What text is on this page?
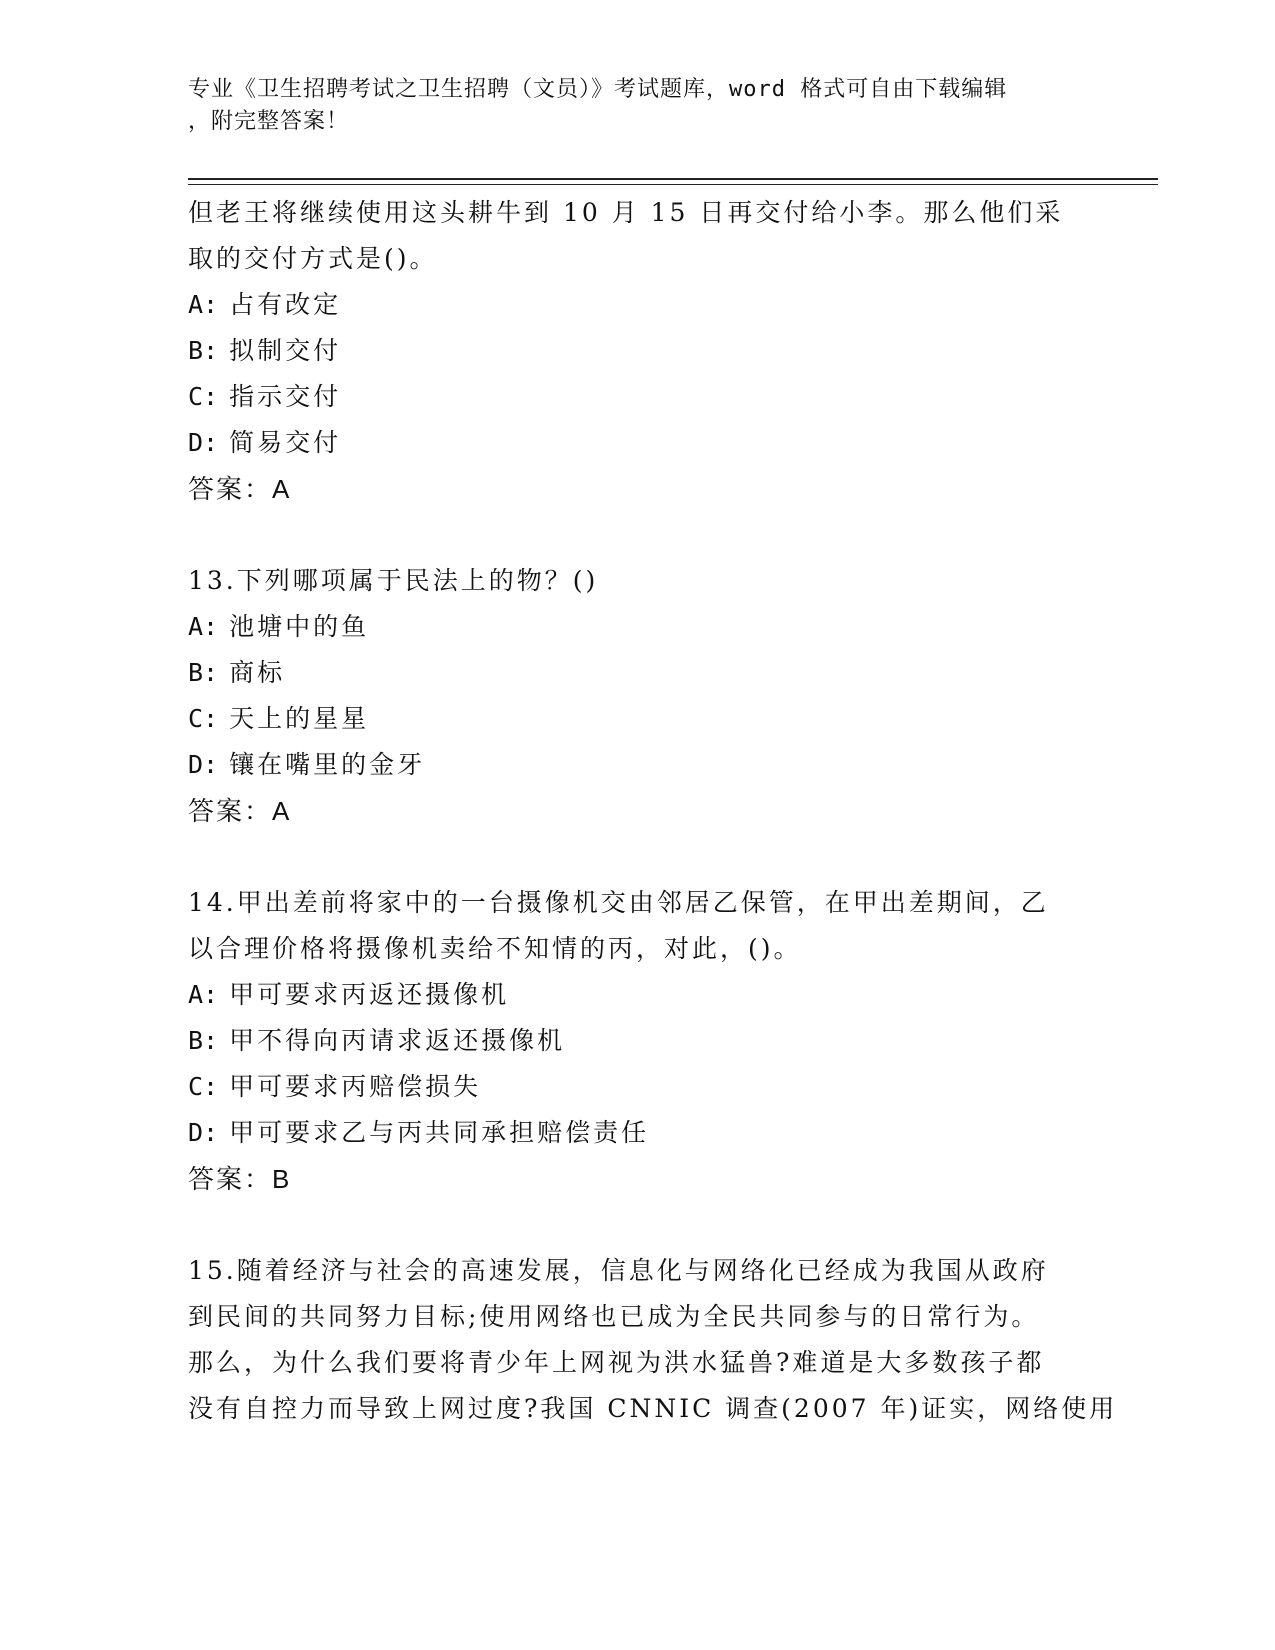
专业《卫生招聘考试之卫生招聘（文员）》考试题库，word 格式可自由下载编辑
，附完整答案！
但老王将继续使用这头耕牛到 10 月 15 日再交付给小李。那么他们采
取的交付方式是()。
A: 占有改定
B: 拟制交付
C: 指示交付
D: 简易交付
答案：A
13.下列哪项属于民法上的物？()
A: 池塘中的鱼
B: 商标
C: 天上的星星
D: 镶在嘴里的金牙
答案：A
14.甲出差前将家中的一台摄像机交由邻居乙保管，在甲出差期间，乙
以合理价格将摄像机卖给不知情的丙，对此，()。
A: 甲可要求丙返还摄像机
B: 甲不得向丙请求返还摄像机
C: 甲可要求丙赔偿损失
D: 甲可要求乙与丙共同承担赔偿责任
答案：B
15.随着经济与社会的高速发展，信息化与网络化已经成为我国从政府
到民间的共同努力目标;使用网络也已成为全民共同参与的日常行为。
那么，为什么我们要将青少年上网视为洪水猛兽?难道是大多数孩子都
没有自控力而导致上网过度?我国 CNNIC 调查(2007 年)证实，网络使用
